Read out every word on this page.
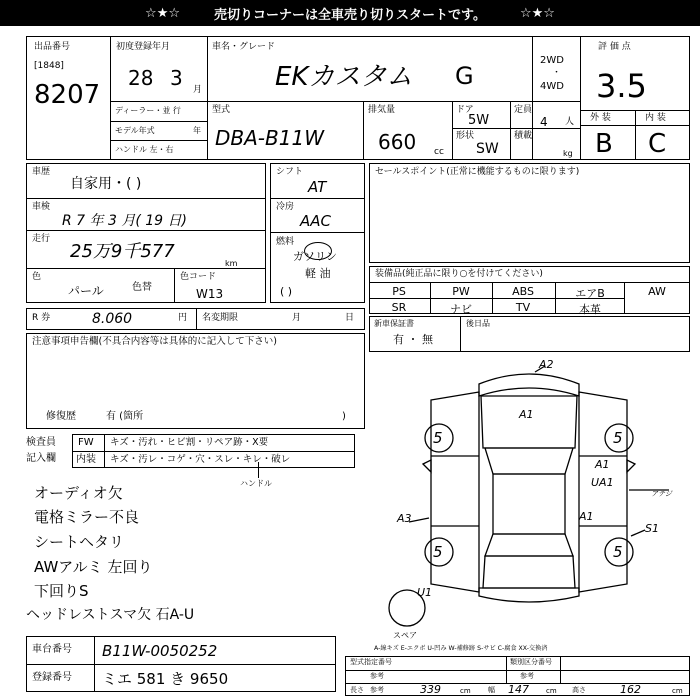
☆★☆	売切りコーナーは全車売り切りスタートです。	☆★☆
出品番号
[1848]
8207
初度登録年月
28 3 月
車名・グレード
EKカスタム G
2WD
・
4WD
評 価 点
3.5
外 装	内 装
B C
ディーラー・並 行
モデル年式	年
ハンドル 左・右
型式
DBA-B11W
排気量
660 cc
ドア
5W
定員
4 人
形状
SW
積載
kg
車歴
自家用・( )
車検
R 7 年 3 月( 19 日)
走行
25万9千577
km
色
パール	色替
色コード
W13
シフト
AT
冷房
AAC
燃料
ガソリン
軽 油
( )
セールスポイント(正常に機能するものに限ります)
装備品(純正品に限り○を付けてください)
PS	PW	ABS	エアB	AW
SR	ナビ	TV	本革
R 券	8.060	円 名変期限	月	日
新車保証書
有 ・ 無
後日品
注意事項申告欄(不具合内容等は具体的に記入して下さい)
修復歴	有 (箇所	)
検査員
記入欄
FW キズ・汚れ・ヒビ割・リペア跡・X要
内装 キズ・汚レ・コゲ・穴・スレ・キレ・破レ
ハンドル
オーディオ欠
電格ミラー不良
シートヘタリ
AWアルミ 左回り
下回りS
ヘッドレストスマ欠 石A-U
車台番号 B11W-0050252
登録番号 ミエ 581 き 9650
A2
A1
5	5
A1
UA1
A3	A1
S1
5	5
U1
アテジ
スペア
A-線キズ E-エクボ U-凹み W-補修跡 S-サビ C-腐食 XX-交換済
型式指定番号
参考
類別区分番号
参考
長さ 参考	339	cm 幅 147 cm 高さ	162	cm
